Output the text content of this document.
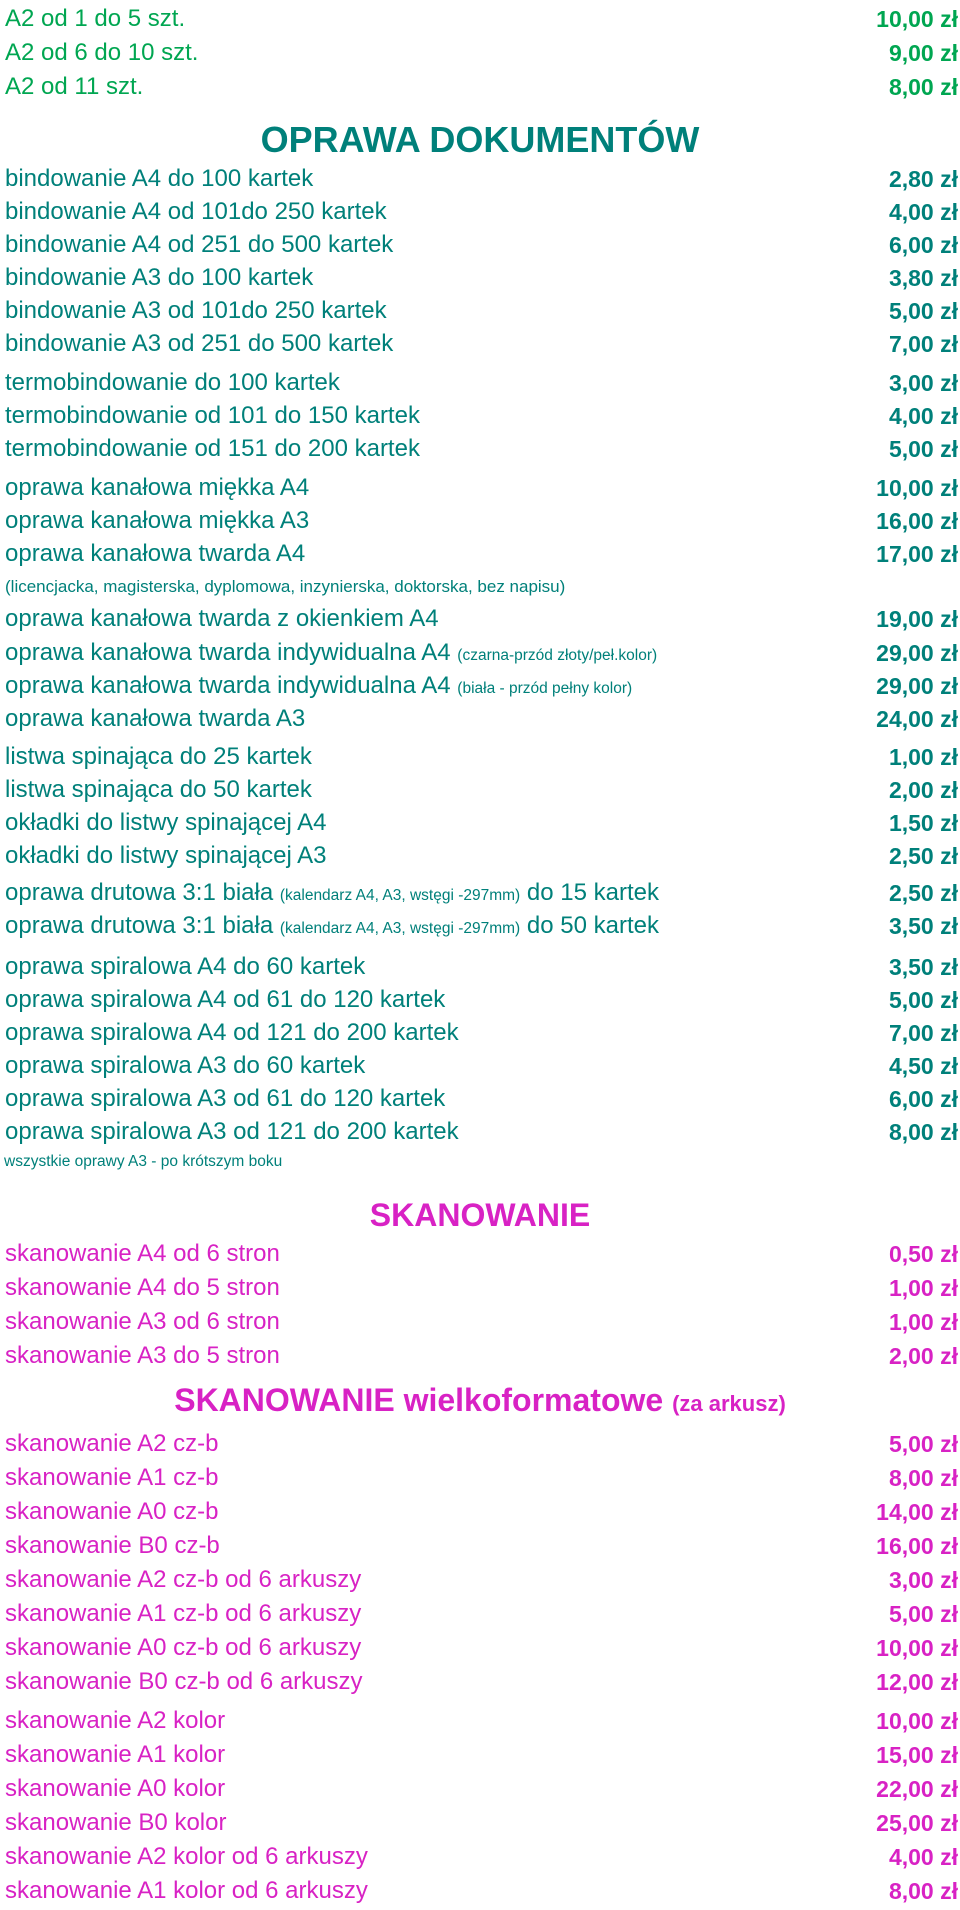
A2 od 1 do 5 szt.	10,00 zł
A2 od 6 do 10 szt.	9,00 zł
A2 od 11 szt.	8,00 zł
OPRAWA DOKUMENTÓW
bindowanie A4 do 100 kartek	2,80 zł
bindowanie A4 od 101do 250 kartek	4,00 zł
bindowanie A4 od 251 do 500 kartek	6,00 zł
bindowanie A3 do 100 kartek	3,80 zł
bindowanie A3 od 101do 250 kartek	5,00 zł
bindowanie A3 od 251 do 500 kartek	7,00 zł
termobindowanie do 100 kartek	3,00 zł
termobindowanie od 101 do 150 kartek	4,00 zł
termobindowanie od 151 do 200 kartek	5,00 zł
oprawa kanałowa miękka A4	10,00 zł
oprawa kanałowa miękka A3	16,00 zł
oprawa kanałowa twarda A4	17,00 zł
(licencjacka, magisterska, dyplomowa, inzynierska, doktorska, bez napisu)
oprawa kanałowa twarda z okienkiem A4	19,00 zł
oprawa kanałowa twarda indywidualna A4 (czarna-przód złoty/peł.kolor)	29,00 zł
oprawa kanałowa twarda indywidualna A4 (biała - przód pełny kolor)	29,00 zł
oprawa kanałowa twarda A3	24,00 zł
listwa spinająca do 25 kartek	1,00 zł
listwa spinająca do 50 kartek	2,00 zł
okładki do listwy spinającej A4	1,50 zł
okładki do listwy spinającej A3	2,50 zł
oprawa drutowa 3:1 biała (kalendarz A4, A3, wstęgi -297mm) do 15 kartek	2,50 zł
oprawa drutowa 3:1 biała (kalendarz A4, A3, wstęgi -297mm) do 50 kartek	3,50 zł
oprawa spiralowa A4 do 60 kartek	3,50 zł
oprawa spiralowa A4 od 61 do 120 kartek	5,00 zł
oprawa spiralowa A4 od 121 do 200 kartek	7,00 zł
oprawa spiralowa A3 do 60 kartek	4,50 zł
oprawa spiralowa A3 od 61 do 120 kartek	6,00 zł
oprawa spiralowa A3 od 121 do 200 kartek	8,00 zł
wszystkie oprawy A3 - po krótszym boku
SKANOWANIE
skanowanie A4 od 6 stron	0,50 zł
skanowanie A4 do 5 stron	1,00 zł
skanowanie A3 od 6 stron	1,00 zł
skanowanie A3 do 5 stron	2,00 zł
SKANOWANIE wielkoformatowe (za arkusz)
skanowanie A2 cz-b	5,00 zł
skanowanie A1 cz-b	8,00 zł
skanowanie A0 cz-b	14,00 zł
skanowanie B0 cz-b	16,00 zł
skanowanie A2 cz-b od 6 arkuszy	3,00 zł
skanowanie A1 cz-b od 6 arkuszy	5,00 zł
skanowanie A0 cz-b od 6 arkuszy	10,00 zł
skanowanie B0 cz-b od 6 arkuszy	12,00 zł
skanowanie A2 kolor	10,00 zł
skanowanie A1 kolor	15,00 zł
skanowanie A0 kolor	22,00 zł
skanowanie B0 kolor	25,00 zł
skanowanie A2 kolor od 6 arkuszy	4,00 zł
skanowanie A1 kolor od 6 arkuszy	8,00 zł
